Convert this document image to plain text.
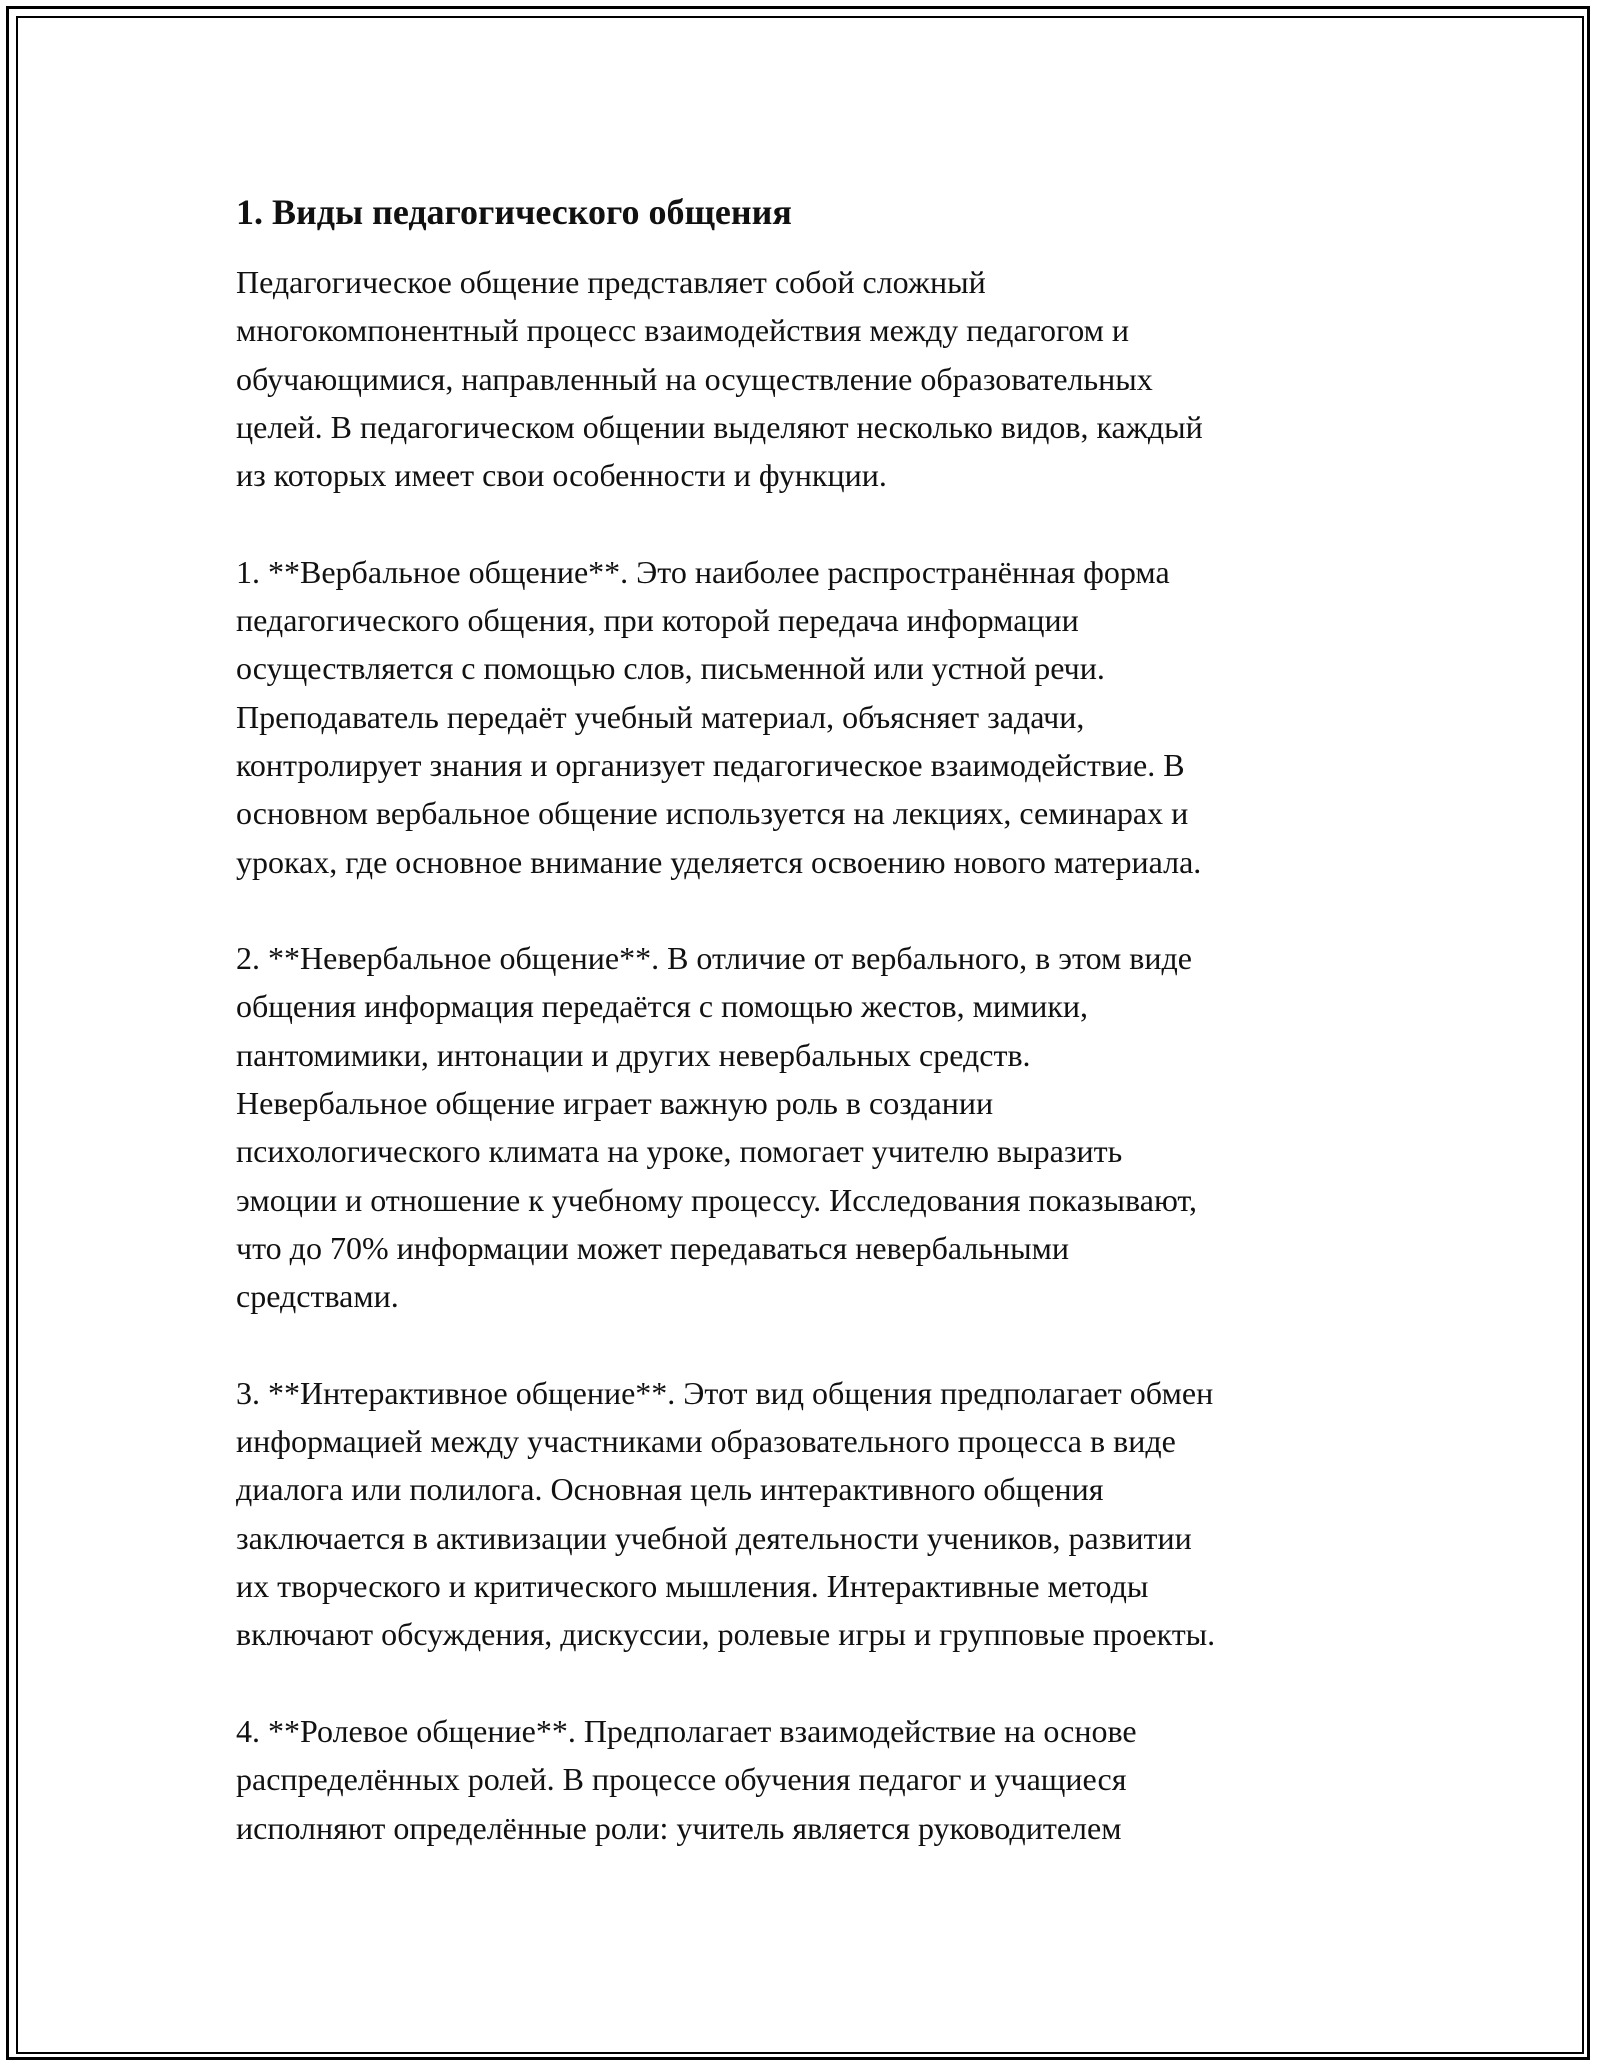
1. Виды педагогического общения

Педагогическое общение представляет собой сложный
многокомпонентный процесс взаимодействия между педагогом и
обучающимися, направленный на осуществление образовательных
целей. В педагогическом общении выделяют несколько видов, каждый
из которых имеет свои особенности и функции.

1. **Вербальное общение**. Это наиболее распространённая форма
педагогического общения, при которой передача информации
осуществляется с помощью слов, письменной или устной речи.
Преподаватель передаёт учебный материал, объясняет задачи,
контролирует знания и организует педагогическое взаимодействие. В
основном вербальное общение используется на лекциях, семинарах и
уроках, где основное внимание уделяется освоению нового материала.

2. **Невербальное общение**. В отличие от вербального, в этом виде
общения информация передаётся с помощью жестов, мимики,
пантомимики, интонации и других невербальных средств.
Невербальное общение играет важную роль в создании
психологического климата на уроке, помогает учителю выразить
эмоции и отношение к учебному процессу. Исследования показывают,
что до 70% информации может передаваться невербальными
средствами.

3. **Интерактивное общение**. Этот вид общения предполагает обмен
информацией между участниками образовательного процесса в виде
диалога или полилога. Основная цель интерактивного общения
заключается в активизации учебной деятельности учеников, развитии
их творческого и критического мышления. Интерактивные методы
включают обсуждения, дискуссии, ролевые игры и групповые проекты.

4. **Ролевое общение**. Предполагает взаимодействие на основе
распределённых ролей. В процессе обучения педагог и учащиеся
исполняют определённые роли: учитель является руководителем
